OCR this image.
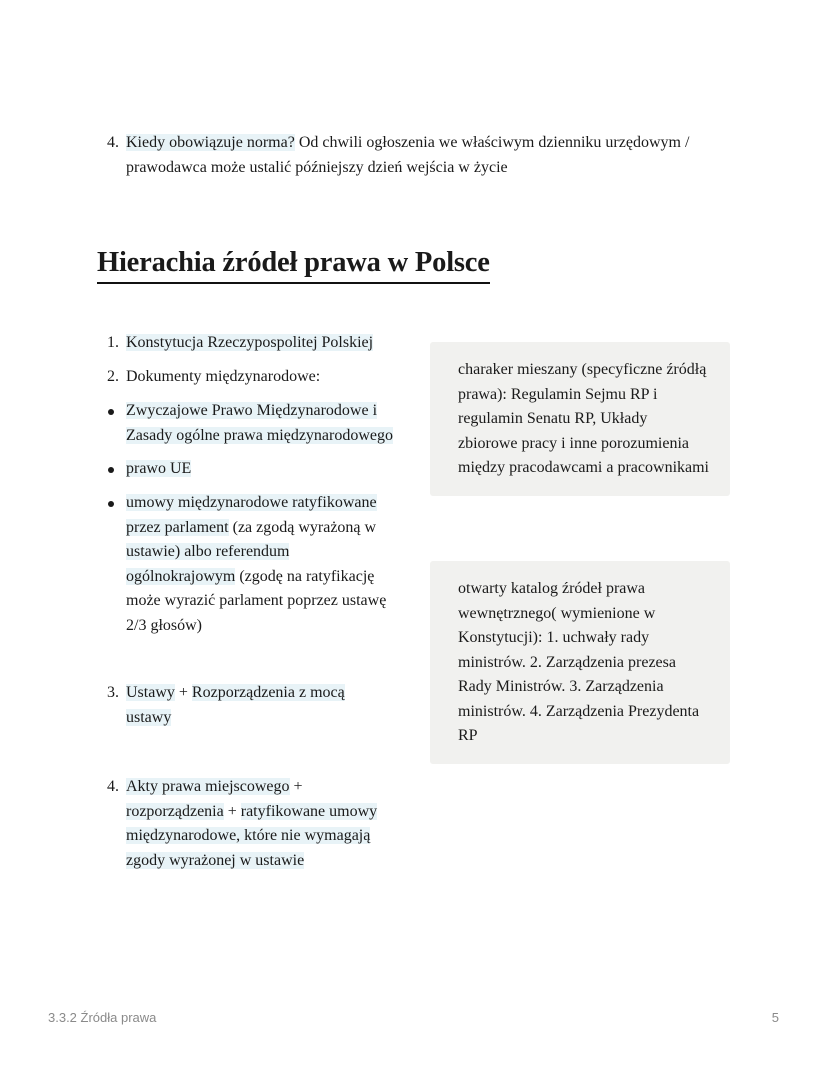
4. Kiedy obowiązuje norma? Od chwili ogłoszenia we właściwym dzienniku urzędowym /
prawodawca może ustalić późniejszy dzień wejścia w życie
Hierachia źródeł prawa w Polsce
1. Konstytucja Rzeczypospolitej Polskiej
2. Dokumenty międzynarodowe:
Zwyczajowe Prawo Międzynarodowe i
Zasady ogólne prawa międzynarodowego
prawo UE
umowy międzynarodowe ratyfikowane
przez parlament (za zgodą wyrażoną w
ustawie) albo referendum
ogólnokrajowym (zgodę na ratyfikację
może wyrazić parlament poprzez ustawę
2/3 głosów)
3. Ustawy + Rozporządzenia z mocą
ustawy
4. Akty prawa miejscowego +
rozporządzenia + ratyfikowane umowy
międzynarodowe, które nie wymagają
zgody wyrażonej w ustawie
charaker mieszany (specyficzne źródłą
prawa): Regulamin Sejmu RP i
regulamin Senatu RP, Układy
zbiorowe pracy i inne porozumienia
między pracodawcami a pracownikami
otwarty katalog źródeł prawa
wewnętrznego( wymienione w
Konstytucji): 1. uchwały rady
ministrów. 2. Zarządzenia prezesa
Rady Ministrów. 3. Zarządzenia
ministrów. 4. Zarządzenia Prezydenta
RP
3.3.2 Źródła prawa	5
